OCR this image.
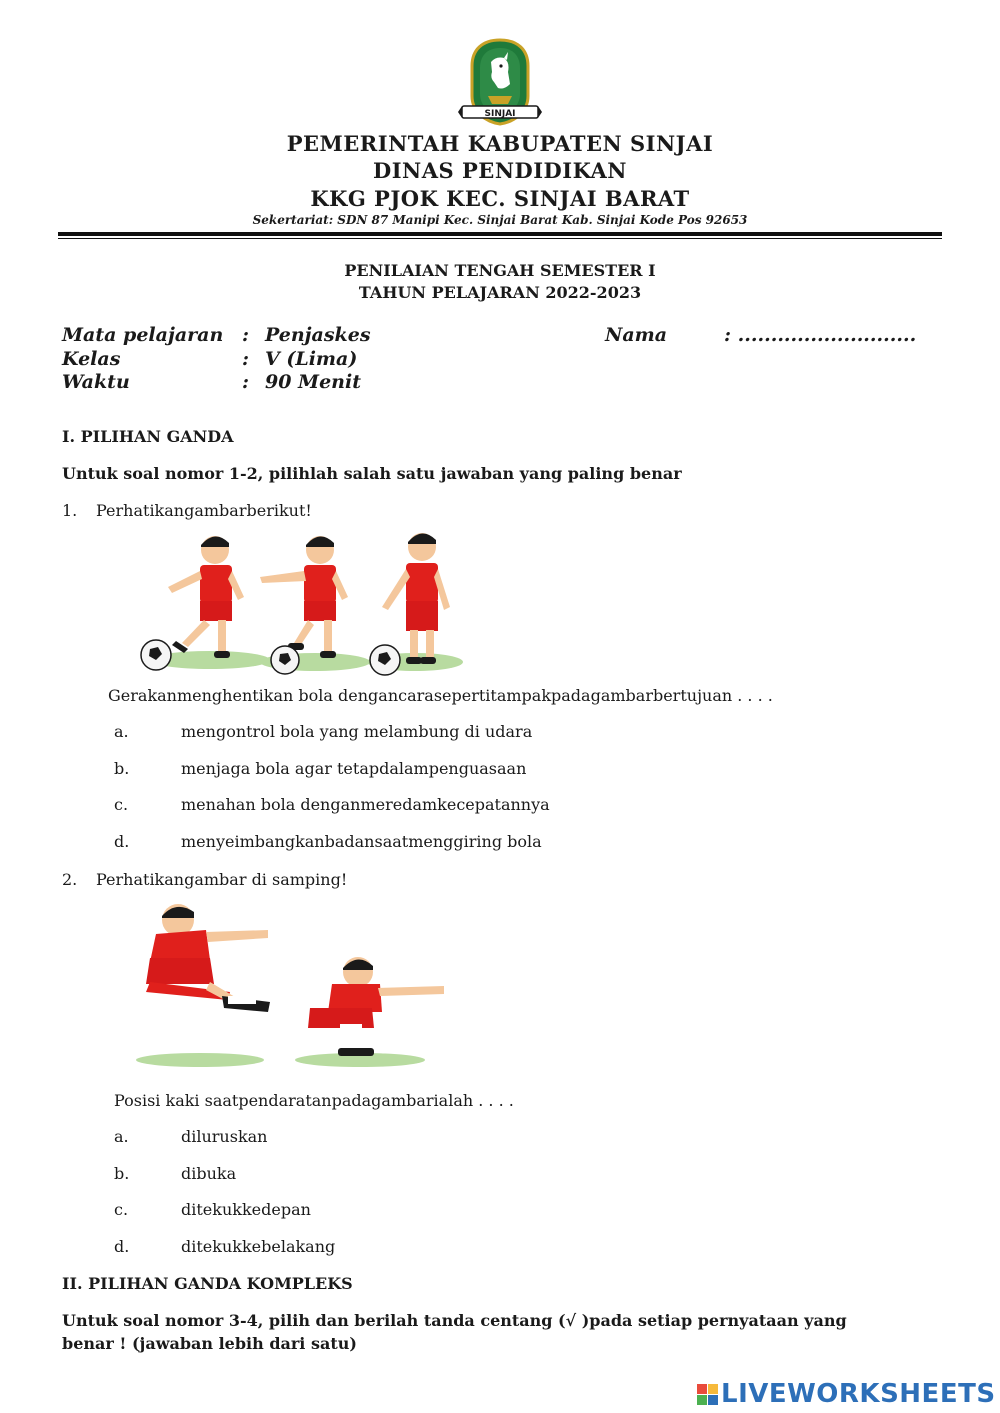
SINJAI
PEMERINTAH KABUPATEN SINJAI
DINAS PENDIDIKAN
KKG PJOK KEC. SINJAI BARAT
Sekertariat: SDN 87 Manipi Kec. Sinjai Barat Kab. Sinjai Kode Pos 92653
PENILAIAN TENGAH SEMESTER I
TAHUN PELAJARAN 2022-2023
Mata pelajaran : Penjaskes	Nama	: ...........................
Kelas	: V (Lima)
Waktu	: 90 Menit
I. PILIHAN GANDA
Untuk soal nomor 1-2, pilihlah salah satu jawaban yang paling benar
1. Perhatikangambarberikut!
Gerakanmenghentikan bola dengancarasepertitampakpadagambarbertujuan . . . .
a.	mengontrol bola yang melambung di udara
b.	menjaga bola agar tetapdalampenguasaan
c.	menahan bola denganmeredamkecepatannya
d.	menyeimbangkanbadansaatmenggiring bola
2. Perhatikangambar di samping!
Posisi kaki saatpendaratanpadagambarialah . . . .
a.	diluruskan
b.	dibuka
c.	ditekukkedepan
d.	ditekukkebelakang
II. PILIHAN GANDA KOMPLEKS
Untuk soal nomor 3-4, pilih dan berilah tanda centang (√ )pada setiap pernyataan yang
benar ! (jawaban lebih dari satu)
LIVEWORKSHEETS
